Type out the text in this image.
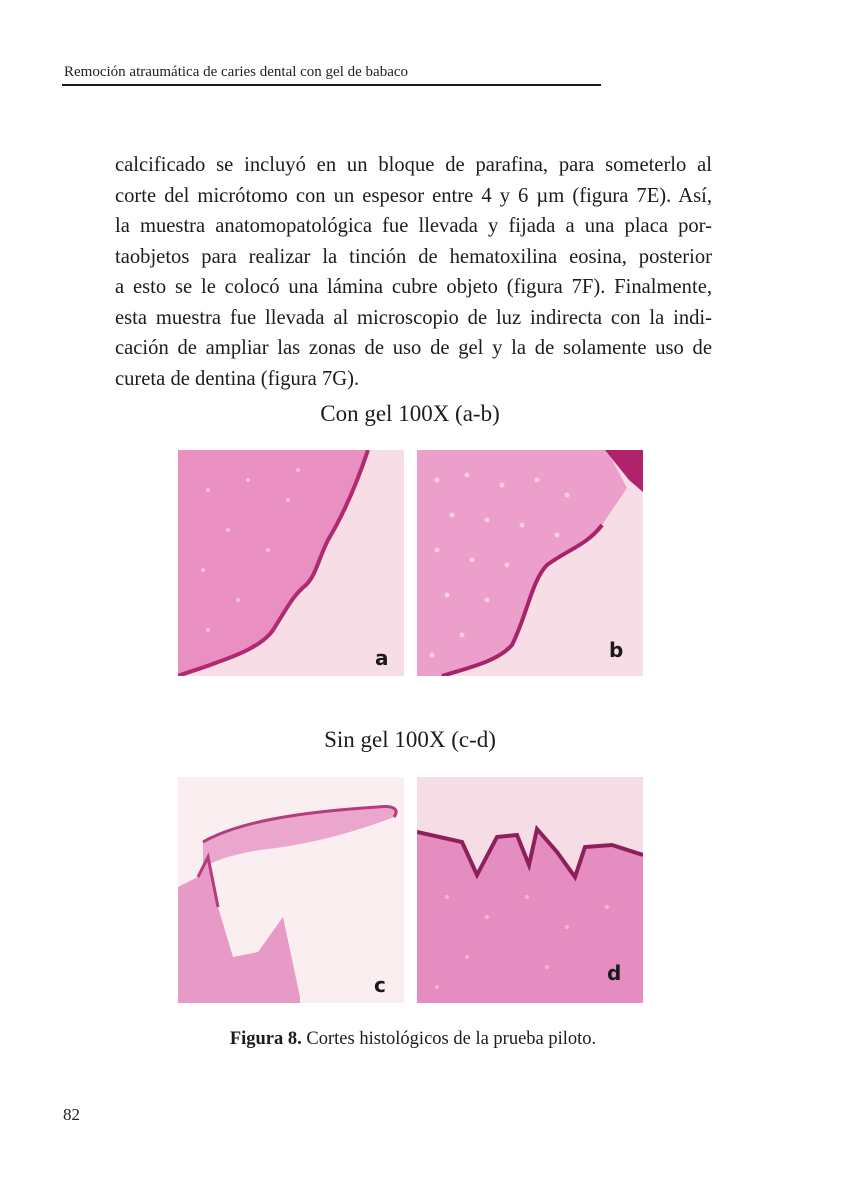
Remoción atraumática de caries dental con gel de babaco

calcificado se incluyó en un bloque de parafina, para someterlo al

corte del micrótomo con un espesor entre 4 y 6 µm (figura 7E). Así,

la muestra anatomopatológica fue llevada y fijada a una placa por-

taobjetos para realizar la tinción de hematoxilina eosina, posterior

a esto se le colocó una lámina cubre objeto (figura 7F). Finalmente,

esta muestra fue llevada al microscopio de luz indirecta con la indi-

cación de ampliar las zonas de uso de gel y la de solamente uso de

cureta de dentina (figura 7G).

Con gel 100X (a-b)
a	b
Sin gel 100X (c-d)
c	d
Figura 8. Cortes histológicos de la prueba piloto.
82
